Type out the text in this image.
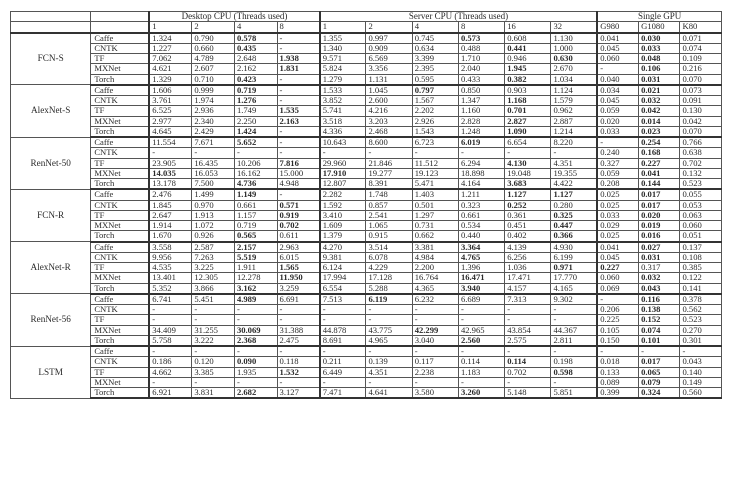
		Desktop CPU (Threads used)				Server CPU (Threads used)						Single GPU		
		1	2	4	8	1	2	4	8	16	32	G980	G1080	K80
FCN-S	Caffe	1.324	0.790	0.578	-	1.355	0.997	0.745	0.573	0.608	1.130	0.041	0.030	0.071
	CNTK	1.227	0.660	0.435	-	1.340	0.909	0.634	0.488	0.441	1.000	0.045	0.033	0.074
	TF	7.062	4.789	2.648	1.938	9.571	6.569	3.399	1.710	0.946	0.630	0.060	0.048	0.109
	MXNet	4.621	2.607	2.162	1.831	5.824	3.356	2.395	2.040	1.945	2.670	-	0.106	0.216
	Torch	1.329	0.710	0.423	-	1.279	1.131	0.595	0.433	0.382	1.034	0.040	0.031	0.070
AlexNet-S	Caffe	1.606	0.999	0.719	-	1.533	1.045	0.797	0.850	0.903	1.124	0.034	0.021	0.073
	CNTK	3.761	1.974	1.276	-	3.852	2.600	1.567	1.347	1.168	1.579	0.045	0.032	0.091
	TF	6.525	2.936	1.749	1.535	5.741	4.216	2.202	1.160	0.701	0.962	0.059	0.042	0.130
	MXNet	2.977	2.340	2.250	2.163	3.518	3.203	2.926	2.828	2.827	2.887	0.020	0.014	0.042
	Torch	4.645	2.429	1.424	-	4.336	2.468	1.543	1.248	1.090	1.214	0.033	0.023	0.070
RenNet-50	Caffe	11.554	7.671	5.652	-	10.643	8.600	6.723	6.019	6.654	8.220	-	0.254	0.766
	CNTK	-	-	-	-	-	-	-	-	-	-	0.240	0.168	0.638
	TF	23.905	16.435	10.206	7.816	29.960	21.846	11.512	6.294	4.130	4.351	0.327	0.227	0.702
	MXNet	14.035	16.053	16.162	15.000	17.910	19.277	19.123	18.898	19.048	19.355	0.059	0.041	0.132
	Torch	13.178	7.500	4.736	4.948	12.807	8.391	5.471	4.164	3.683	4.422	0.208	0.144	0.523
FCN-R	Caffe	2.476	1.499	1.149	-	2.282	1.748	1.403	1.211	1.127	1.127	0.025	0.017	0.055
	CNTK	1.845	0.970	0.661	0.571	1.592	0.857	0.501	0.323	0.252	0.280	0.025	0.017	0.053
	TF	2.647	1.913	1.157	0.919	3.410	2.541	1.297	0.661	0.361	0.325	0.033	0.020	0.063
	MXNet	1.914	1.072	0.719	0.702	1.609	1.065	0.731	0.534	0.451	0.447	0.029	0.019	0.060
	Torch	1.670	0.926	0.565	0.611	1.379	0.915	0.662	0.440	0.402	0.366	0.025	0.016	0.051
AlexNet-R	Caffe	3.558	2.587	2.157	2.963	4.270	3.514	3.381	3.364	4.139	4.930	0.041	0.027	0.137
	CNTK	9.956	7.263	5.519	6.015	9.381	6.078	4.984	4.765	6.256	6.199	0.045	0.031	0.108
	TF	4.535	3.225	1.911	1.565	6.124	4.229	2.200	1.396	1.036	0.971	0.227	0.317	0.385
	MXNet	13.401	12.305	12.278	11.950	17.994	17.128	16.764	16.471	17.471	17.770	0.060	0.032	0.122
	Torch	5.352	3.866	3.162	3.259	6.554	5.288	4.365	3.940	4.157	4.165	0.069	0.043	0.141
RenNet-56	Caffe	6.741	5.451	4.989	6.691	7.513	6.119	6.232	6.689	7.313	9.302	-	0.116	0.378
	CNTK	-	-	-	-	-	-	-	-	-	-	0.206	0.138	0.562
	TF	-	-	-	-	-	-	-	-	-	-	0.225	0.152	0.523
	MXNet	34.409	31.255	30.069	31.388	44.878	43.775	42.299	42.965	43.854	44.367	0.105	0.074	0.270
	Torch	5.758	3.222	2.368	2.475	8.691	4.965	3.040	2.560	2.575	2.811	0.150	0.101	0.301
LSTM	Caffe	-	-	-	-	-	-	-	-	-	-	-	-	-
	CNTK	0.186	0.120	0.090	0.118	0.211	0.139	0.117	0.114	0.114	0.198	0.018	0.017	0.043
	TF	4.662	3.385	1.935	1.532	6.449	4.351	2.238	1.183	0.702	0.598	0.133	0.065	0.140
	MXNet	-	-	-	-	-	-	-	-	-	-	0.089	0.079	0.149
	Torch	6.921	3.831	2.682	3.127	7.471	4.641	3.580	3.260	5.148	5.851	0.399	0.324	0.560
